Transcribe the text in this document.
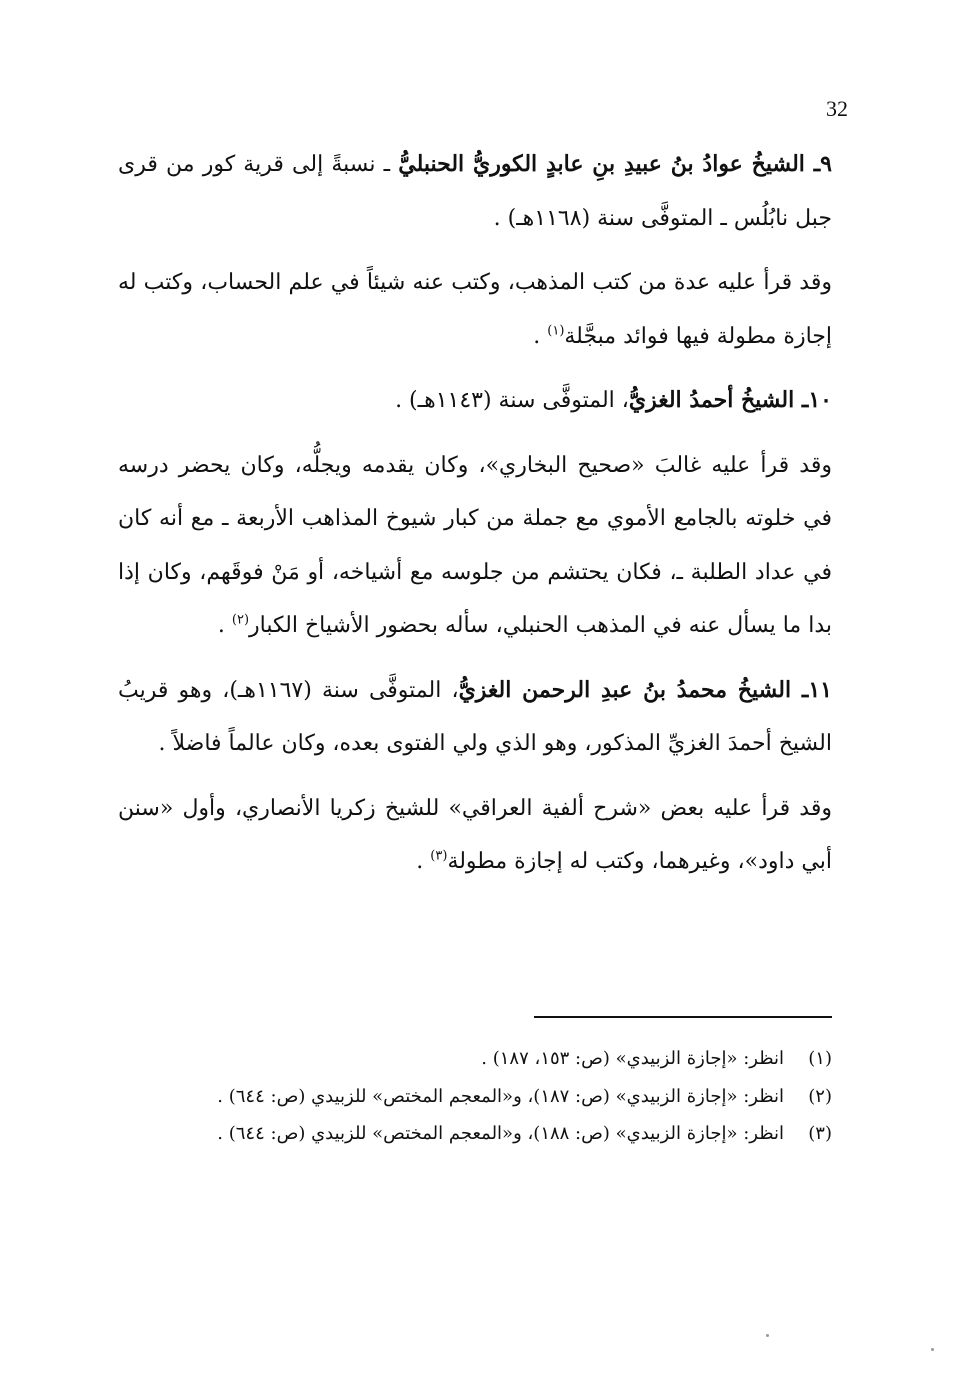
32

٩ـ الشيخُ عوادُ بنُ عبيدِ بنِ عابدٍ الكوريُّ الحنبليُّ ـ نسبةً إلى قرية كور من قرى جبل نابُلُس ـ المتوفَّى سنة (١١٦٨هـ) .

وقد قرأ عليه عدة من كتب المذهب، وكتب عنه شيئاً في علم الحساب، وكتب له إجازة مطولة فيها فوائد مبجَّلة$^{(١)}$ .

١٠ـ الشيخُ أحمدُ الغزيُّ، المتوفَّى سنة (١١٤٣هـ) .

وقد قرأ عليه غالبَ «صحيح البخاري»، وكان يقدمه ويجلُّه، وكان يحضر درسه في خلوته بالجامع الأموي مع جملة من كبار شيوخ المذاهب الأربعة ـ مع أنه كان في عداد الطلبة ـ، فكان يحتشم من جلوسه مع أشياخه، أو مَنْ فوقَهم، وكان إذا بدا ما يسأل عنه في المذهب الحنبلي، سأله بحضور الأشياخ الكبار$^{(٢)}$ .

١١ـ الشيخُ محمدُ بنُ عبدِ الرحمن الغزيُّ، المتوفَّى سنة (١١٦٧هـ)، وهو قريبُ الشيخ أحمدَ الغزيِّ المذكور، وهو الذي ولي الفتوى بعده، وكان عالماً فاضلاً .

وقد قرأ عليه بعض «شرح ألفية العراقي» للشيخ زكريا الأنصاري، وأول «سنن أبي داود»، وغيرهما، وكتب له إجازة مطولة$^{(٣)}$ .

(١)
انظر: «إجازة الزبيدي» (ص: ١٥٣، ١٨٧) .
(٢)
انظر: «إجازة الزبيدي» (ص: ١٨٧)، و«المعجم المختص» للزبيدي (ص: ٦٤٤) .
(٣)
انظر: «إجازة الزبيدي» (ص: ١٨٨)، و«المعجم المختص» للزبيدي (ص: ٦٤٤) .
